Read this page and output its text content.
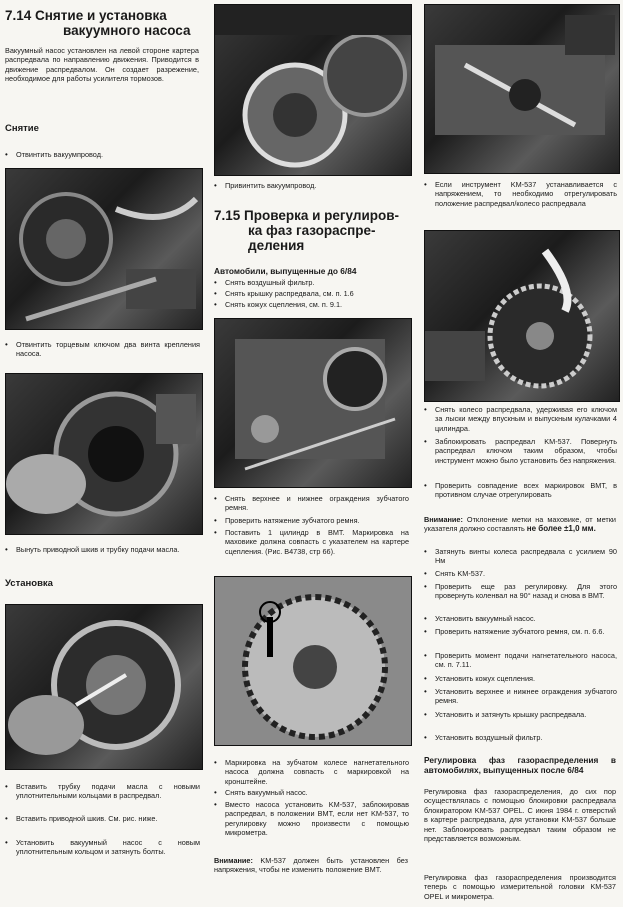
7.14 Снятие и установка
вакуумного насоса
Вакуумный насос установлен на левой стороне картера распредвала по направлению движения. Приводится в движение распредвалом. Он создает разрежение, необходимое для работы усилителя тормозов.
Снятие
• Отвинтить вакуумпровод.
• Отвинтить торцевым ключом два винта крепления насоса.
• Вынуть приводной шкив и трубку подачи масла.
Установка
• Вставить трубку подачи масла с новыми уплотнительными кольцами в распредвал.
• Вставить приводной шкив. См. рис. ниже.
• Установить вакуумный насос с новым уплотнительным кольцом и затянуть болты.
• Привинтить вакуумпровод.
7.15 Проверка и регулиров-
ка фаз газораспре-
деления
Автомобили, выпущенные до 6/84
• Снять воздушный фильтр.
• Снять крышку распредвала, см. п. 1.6
• Снять кожух сцепления, см. п. 9.1.
• Снять верхнее и нижнее ограждения зубчатого ремня.
• Проверить натяжение зубчатого ремня.
• Поставить 1 цилиндр в ВМТ. Маркировка на маховике должна совпасть с указателем на картере сцепления. (Рис. В4738, стр 66).
• Маркировка на зубчатом колесе нагнетательного насоса должна совпасть с маркировкой на кронштейне.
• Снять вакуумный насос.
• Вместо насоса установить KM-537, заблокировав распредвал, в положении ВМТ, если нет KM-537, то регулировку можно произвести с помощью микрометра.
Внимание: KM-537 должен быть установлен без напряжения, чтобы не изменить положение ВМТ.
• Если инструмент KM-537 устанавливается с напряжением, то необходимо отрегулировать положение распредвал/колесо распредвала
• Снять колесо распредвала, удерживая его ключом за лыски между впускным и выпускным кулачками 4 цилиндра.
• Заблокировать распредвал KM-537. Повернуть распредвал ключом таким образом, чтобы инструмент можно было установить без напряжения.
• Проверить совпадение всех маркировок ВМТ, в противном случае отрегулировать
Внимание: Отклонение метки на маховике, от метки указателя должно составлять не более ±1,0 мм.
• Затянуть винты колеса распредвала с усилием 90 Нм
• Снять KM-537.
• Проверить еще раз регулировку. Для этого провернуть коленвал на 90° назад и снова в ВМТ.
• Установить вакуумный насос.
• Проверить натяжение зубчатого ремня, см. п. 6.6.
• Проверить момент подачи нагнетательного насоса, см. п. 7.11.
• Установить кожух сцепления.
• Установить верхнее и нижнее ограждения зубчатого ремня.
• Установить и затянуть крышку распредвала.
• Установить воздушный фильтр.
Регулировка фаз газораспределения в автомобилях, выпущенных после 6/84
Регулировка фаз газораспределения, до сих пор осуществлялась с помощью блокировки распредвала блокиратором KM-537 OPEL. С июня 1984 г. отверстий в картере распредвала, для установки KM-537 больше нет. Заблокировать распредвал таким образом не представляется возможным.
Регулировка фаз газораспределения производится теперь с помощью измерительной головки KM-537 OPEL и микрометра.
